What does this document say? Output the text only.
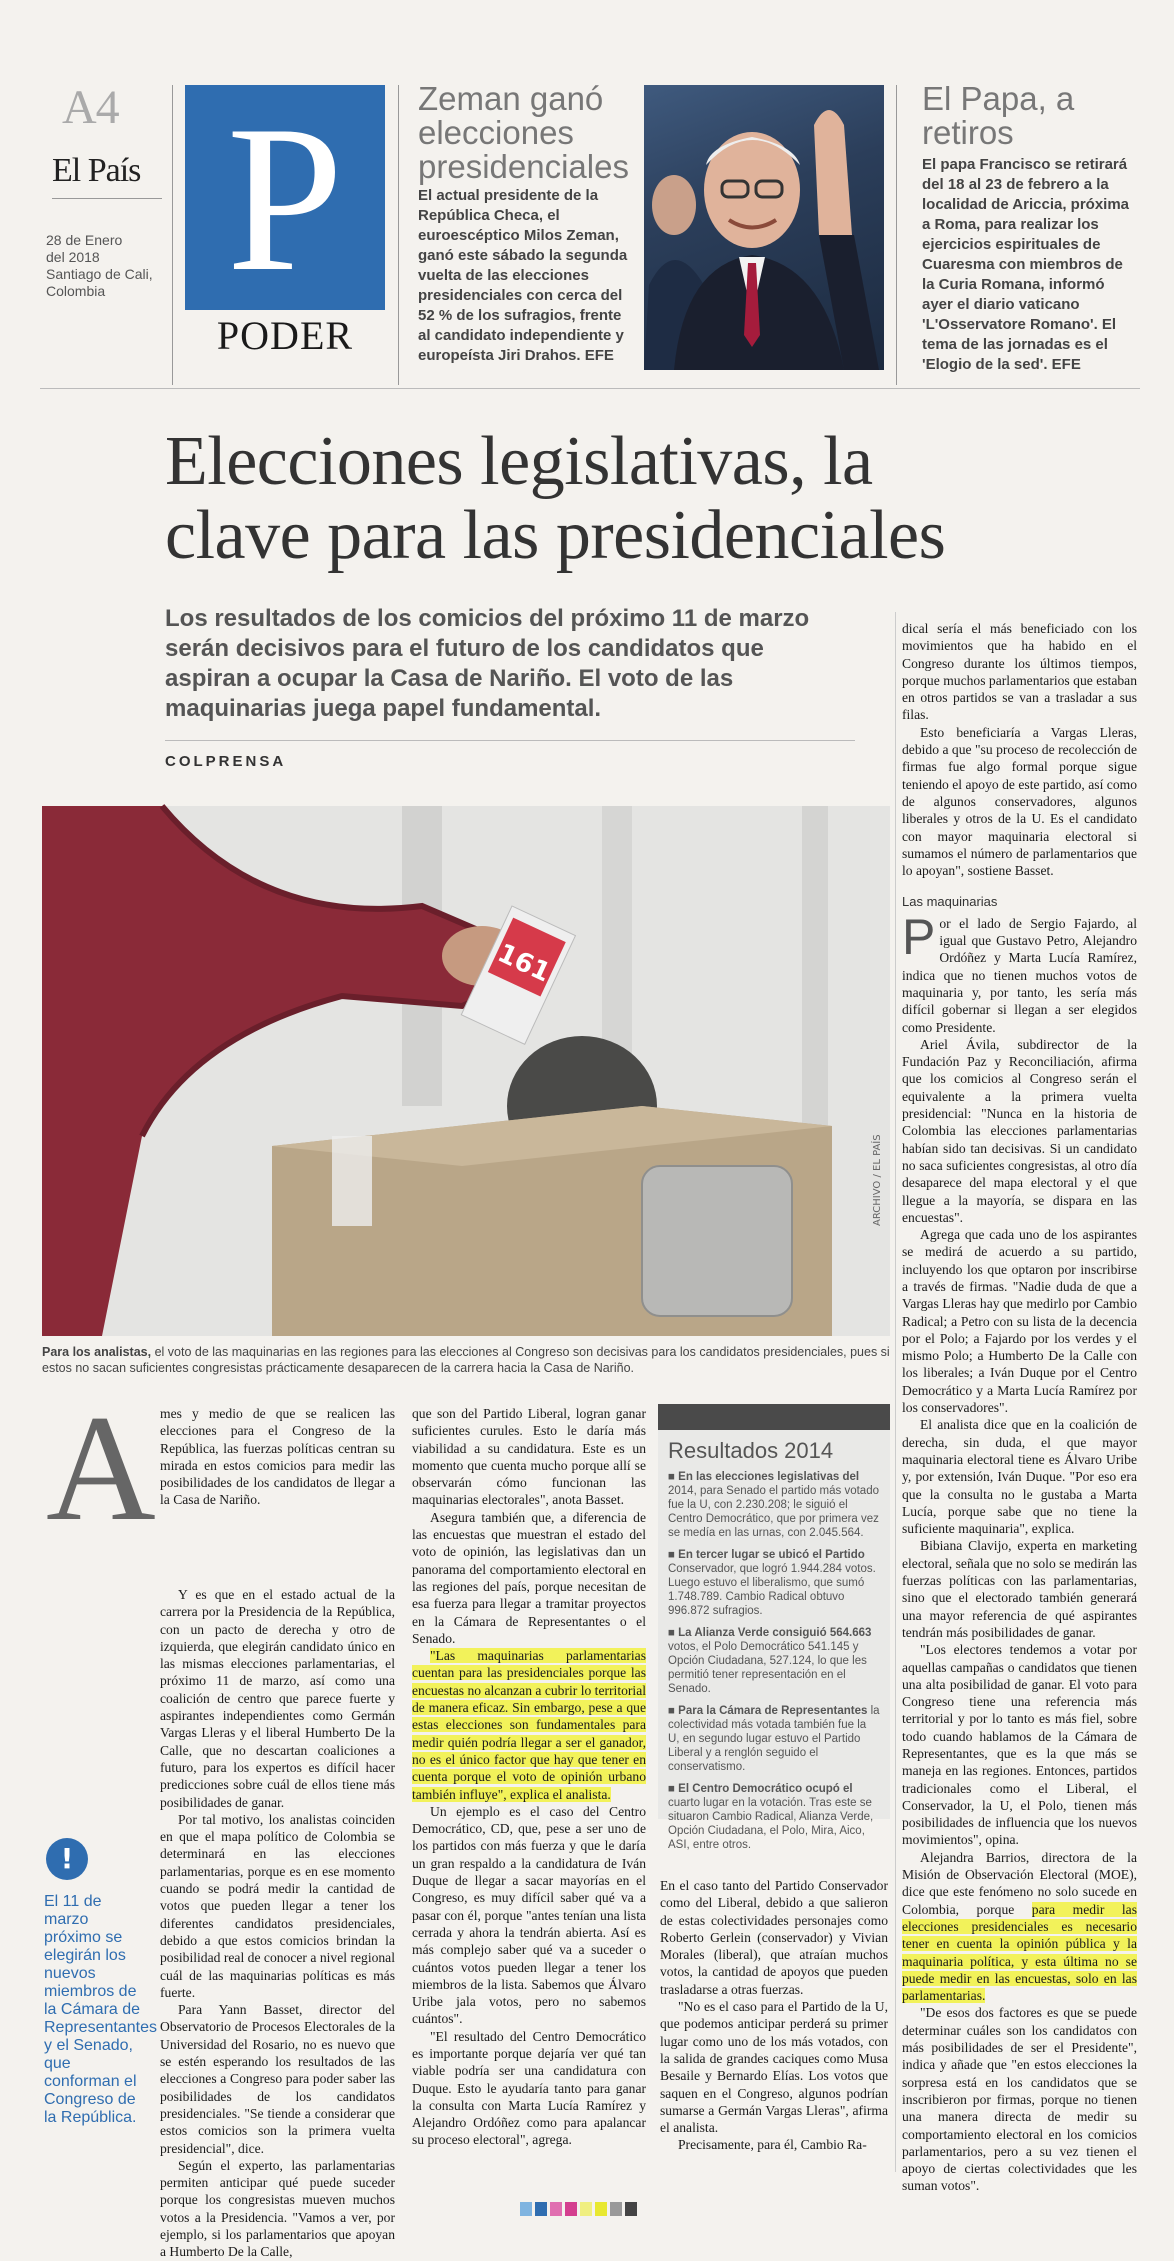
A4
El País
28 de Enero
del 2018
Santiago de Cali,
Colombia P
PODER
Zeman ganó
elecciones
presidenciales
El actual presidente de la República Checa, el euroescéptico Milos Zeman, ganó este sábado la segunda vuelta de las elecciones presidenciales con cerca del 52 % de los sufragios, frente al candidato independiente y europeísta Jiri Drahos. EFE
El Papa, a
retiros
El papa Francisco se retirará del 18 al 23 de febrero a la localidad de Ariccia, próxima a Roma, para realizar los ejercicios espirituales de Cuaresma con miembros de la Curia Romana, informó ayer el diario vaticano 'L'Osservatore Romano'. El tema de las jornadas es el 'Elogio de la sed'. EFE
Elecciones legislativas, la
clave para las presidenciales
Los resultados de los comicios del próximo 11 de marzo serán decisivos para el futuro de los candidatos que aspiran a ocupar la Casa de Nariño. El voto de las maquinarias juega papel fundamental.
COLPRENSA
161
ARCHIVO / EL PAÍS
Para los analistas, el voto de las maquinarias en las regiones para las elecciones al Congreso son decisivas para los candidatos presidenciales, pues si estos no sacan suficientes congresistas prácticamente desaparecen de la carrera hacia la Casa de Nariño.
A mes y medio de que se realicen las elecciones para el Congreso de la República, las fuerzas políticas centran su mirada en estos comicios para medir las posibilidades de los candidatos de llegar a la Casa de Nariño.

Y es que en el estado actual de la carrera por la Presidencia de la República, con un pacto de derecha y otro de izquierda, que elegirán candidato único en las mismas elecciones parlamentarias, el próximo 11 de marzo, así como una coalición de centro que parece fuerte y aspirantes independientes como Germán Vargas Lleras y el liberal Humberto De la Calle, que no descartan coaliciones a futuro, para los expertos es difícil hacer predicciones sobre cuál de ellos tiene más posibilidades de ganar.

Por tal motivo, los analistas coinciden en que el mapa político de Colombia se determinará en las elecciones parlamentarias, porque es en ese momento cuando se podrá medir la cantidad de votos que pueden llegar a tener los diferentes candidatos presidenciales, debido a que estos comicios brindan la posibilidad real de conocer a nivel regional cuál de las maquinarias políticas es más fuerte.

Para Yann Basset, director del Observatorio de Procesos Electorales de la Universidad del Rosario, no es nuevo que se estén esperando los resultados de las elecciones a Congreso para poder saber las posibilidades de los candidatos presidenciales. "Se tiende a considerar que estos comicios son la primera vuelta presidencial", dice.

Según el experto, las parlamentarias permiten anticipar qué puede suceder porque los congresistas mueven muchos votos a la Presidencia. "Vamos a ver, por ejemplo, si los parlamentarios que apoyan a Humberto De la Calle,

!
El 11 de marzo próximo se elegirán los nuevos miembros de la Cámara de Representantes y el Senado, que conforman el Congreso de la República.

que son del Partido Liberal, logran ganar suficientes curules. Esto le daría más viabilidad a su candidatura. Este es un momento que cuenta mucho porque allí se observarán cómo funcionan las maquinarias electorales", anota Basset.

Asegura también que, a diferencia de las encuestas que muestran el estado del voto de opinión, las legislativas dan un panorama del comportamiento electoral en las regiones del país, porque necesitan de esa fuerza para llegar a tramitar proyectos en la Cámara de Representantes o el Senado.

"Las maquinarias parlamentarias cuentan para las presidenciales porque las encuestas no alcanzan a cubrir lo territorial de manera eficaz. Sin embargo, pese a que estas elecciones son fundamentales para medir quién podría llegar a ser el ganador, no es el único factor que hay que tener en cuenta porque el voto de opinión urbano también influye", explica el analista.

Un ejemplo es el caso del Centro Democrático, CD, que, pese a ser uno de los partidos con más fuerza y que le daría un gran respaldo a la candidatura de Iván Duque de llegar a sacar mayorías en el Congreso, es muy difícil saber qué va a pasar con él, porque "antes tenían una lista cerrada y ahora la tendrán abierta. Así es más complejo saber qué va a suceder o cuántos votos pueden llegar a tener los miembros de la lista. Sabemos que Álvaro Uribe jala votos, pero no sabemos cuántos".

"El resultado del Centro Democrático es importante porque dejaría ver qué tan viable podría ser una candidatura con Duque. Esto le ayudaría tanto para ganar la consulta con Marta Lucía Ramírez y Alejandro Ordóñez como para apalancar su proceso electoral", agrega.

Resultados 2014
■ En las elecciones legislativas del 2014, para Senado el partido más votado fue la U, con 2.230.208; le siguió el Centro Democrático, que por primera vez se medía en las urnas, con 2.045.564.
■ En tercer lugar se ubicó el Partido Conservador, que logró 1.944.284 votos. Luego estuvo el liberalismo, que sumó 1.748.789. Cambio Radical obtuvo 996.872 sufragios.
■ La Alianza Verde consiguió 564.663 votos, el Polo Democrático 541.145 y Opción Ciudadana, 527.124, lo que les permitió tener representación en el Senado.
■ Para la Cámara de Representantes la colectividad más votada también fue la U, en segundo lugar estuvo el Partido Liberal y a renglón seguido el conservatismo.
■ El Centro Democrático ocupó el cuarto lugar en la votación. Tras este se situaron Cambio Radical, Alianza Verde, Opción Ciudadana, el Polo, Mira, Aico, ASI, entre otros.

En el caso tanto del Partido Conservador como del Liberal, debido a que salieron de estas colectividades personajes como Roberto Gerlein (conservador) y Vivian Morales (liberal), que atraían muchos votos, la cantidad de apoyos que pueden trasladarse a otras fuerzas.

"No es el caso para el Partido de la U, que podemos anticipar perderá su primer lugar como uno de los más votados, con la salida de grandes caciques como Musa Besaile y Bernardo Elías. Los votos que saquen en el Congreso, algunos podrían sumarse a Germán Vargas Lleras", afirma el analista.

Precisamente, para él, Cambio Ra-

dical sería el más beneficiado con los movimientos que ha habido en el Congreso durante los últimos tiempos, porque muchos parlamentarios que estaban en otros partidos se van a trasladar a sus filas.

Esto beneficiaría a Vargas Lleras, debido a que "su proceso de recolección de firmas fue algo formal porque sigue teniendo el apoyo de este partido, así como de algunos conservadores, algunos liberales y otros de la U. Es el candidato con mayor maquinaria electoral si sumamos el número de parlamentarios que lo apoyan", sostiene Basset.

Las maquinarias
P or el lado de Sergio Fajardo, al igual que Gustavo Petro, Alejandro Ordóñez y Marta Lucía Ramírez, indica que no tienen muchos votos de maquinaria y, por tanto, les sería más difícil gobernar si llegan a ser elegidos como Presidente.

Ariel Ávila, subdirector de la Fundación Paz y Reconciliación, afirma que los comicios al Congreso serán el equivalente a la primera vuelta presidencial: "Nunca en la historia de Colombia las elecciones parlamentarias habían sido tan decisivas. Si un candidato no saca suficientes congresistas, al otro día desaparece del mapa electoral y el que llegue a la mayoría, se dispara en las encuestas".

Agrega que cada uno de los aspirantes se medirá de acuerdo a su partido, incluyendo los que optaron por inscribirse a través de firmas. "Nadie duda de que a Vargas Lleras hay que medirlo por Cambio Radical; a Petro con su lista de la decencia por el Polo; a Fajardo por los verdes y el mismo Polo; a Humberto De la Calle con los liberales; a Iván Duque por el Centro Democrático y a Marta Lucía Ramírez por los conservadores".

El analista dice que en la coalición de derecha, sin duda, el que mayor maquinaria electoral tiene es Álvaro Uribe y, por extensión, Iván Duque. "Por eso era que la consulta no le gustaba a Marta Lucía, porque sabe que no tiene la suficiente maquinaria", explica.

Bibiana Clavijo, experta en marketing electoral, señala que no solo se medirán las fuerzas políticas con las parlamentarias, sino que el electorado también generará una mayor referencia de qué aspirantes tendrán más posibilidades de ganar.

"Los electores tendemos a votar por aquellas campañas o candidatos que tienen una alta posibilidad de ganar. El voto para Congreso tiene una referencia más territorial y por lo tanto es más fiel, sobre todo cuando hablamos de la Cámara de Representantes, que es la que más se maneja en las regiones. Entonces, partidos tradicionales como el Liberal, el Conservador, la U, el Polo, tienen más posibilidades de influencia que los nuevos movimientos", opina.

Alejandra Barrios, directora de la Misión de Observación Electoral (MOE), dice que este fenómeno no solo sucede en Colombia, porque para medir las elecciones presidenciales es necesario tener en cuenta la opinión pública y la maquinaria política, y esta última no se puede medir en las encuestas, solo en las parlamentarias.

"De esos dos factores es que se puede determinar cuáles son los candidatos con más posibilidades de ser el Presidente", indica y añade que "en estos elecciones la sorpresa está en los candidatos que se inscribieron por firmas, porque no tienen una manera directa de medir su comportamiento electoral en los comicios parlamentarios, pero a su vez tienen el apoyo de ciertas colectividades que les suman votos".
